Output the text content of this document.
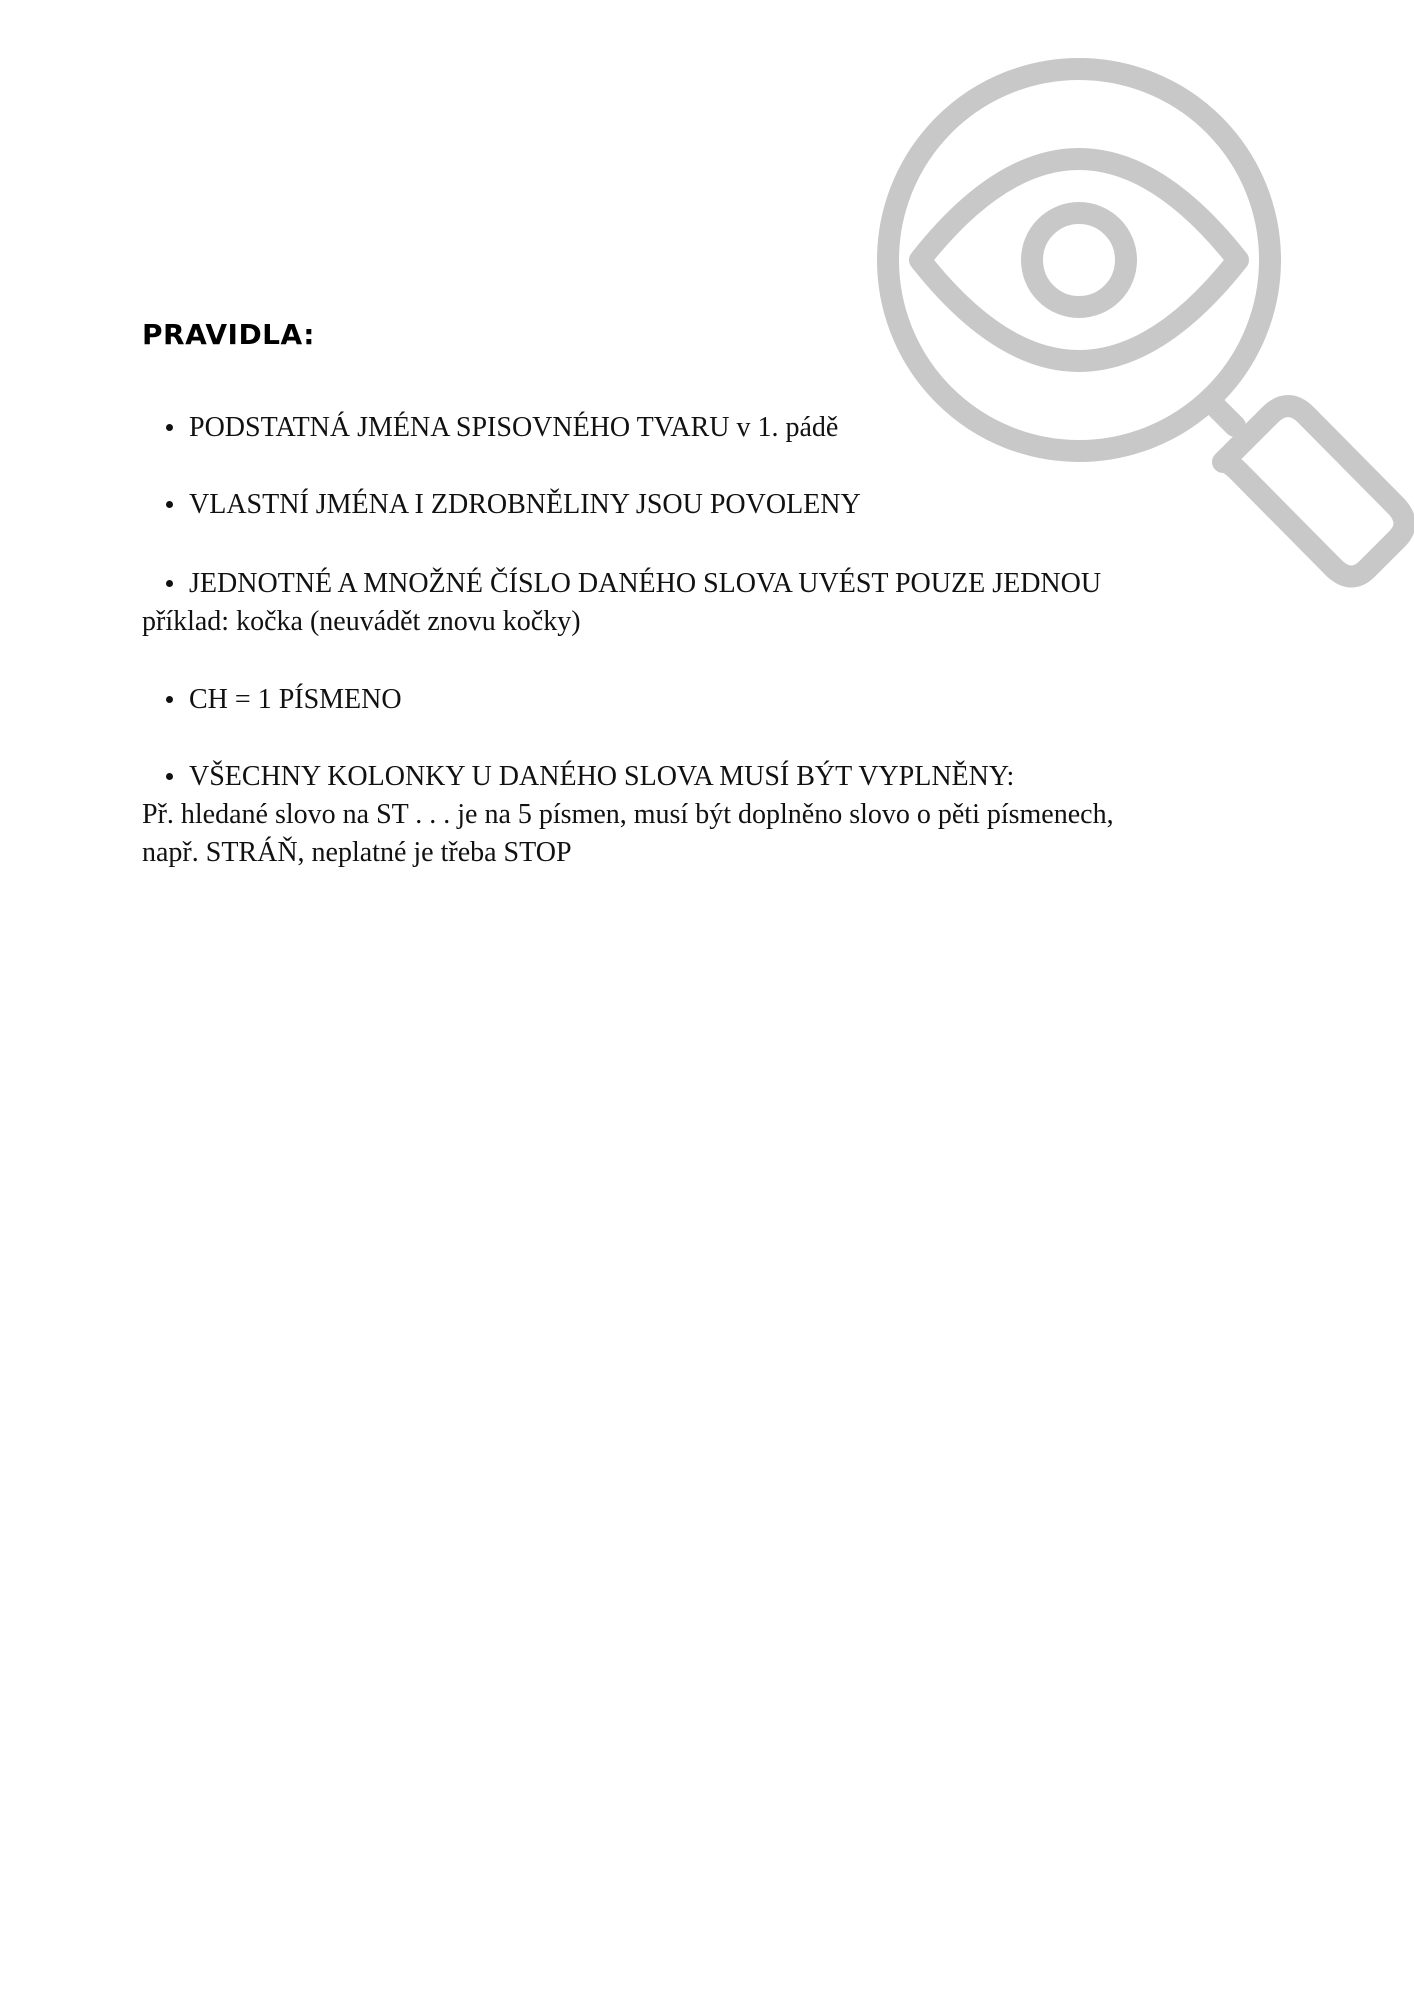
PRAVIDLA:
PODSTATNÁ JMÉNA SPISOVNÉHO TVARU v 1. pádě
VLASTNÍ JMÉNA I ZDROBNĚLINY JSOU POVOLENY
JEDNOTNÉ A MNOŽNÉ ČÍSLO DANÉHO SLOVA UVÉST POUZE JEDNOU
příklad: kočka (neuvádět znovu kočky)
CH = 1 PÍSMENO
VŠECHNY KOLONKY U DANÉHO SLOVA MUSÍ BÝT VYPLNĚNY:
Př. hledané slovo na ST . . . je na 5 písmen, musí být doplněno slovo o pěti písmenech,
např. STRÁŇ, neplatné je třeba STOP
